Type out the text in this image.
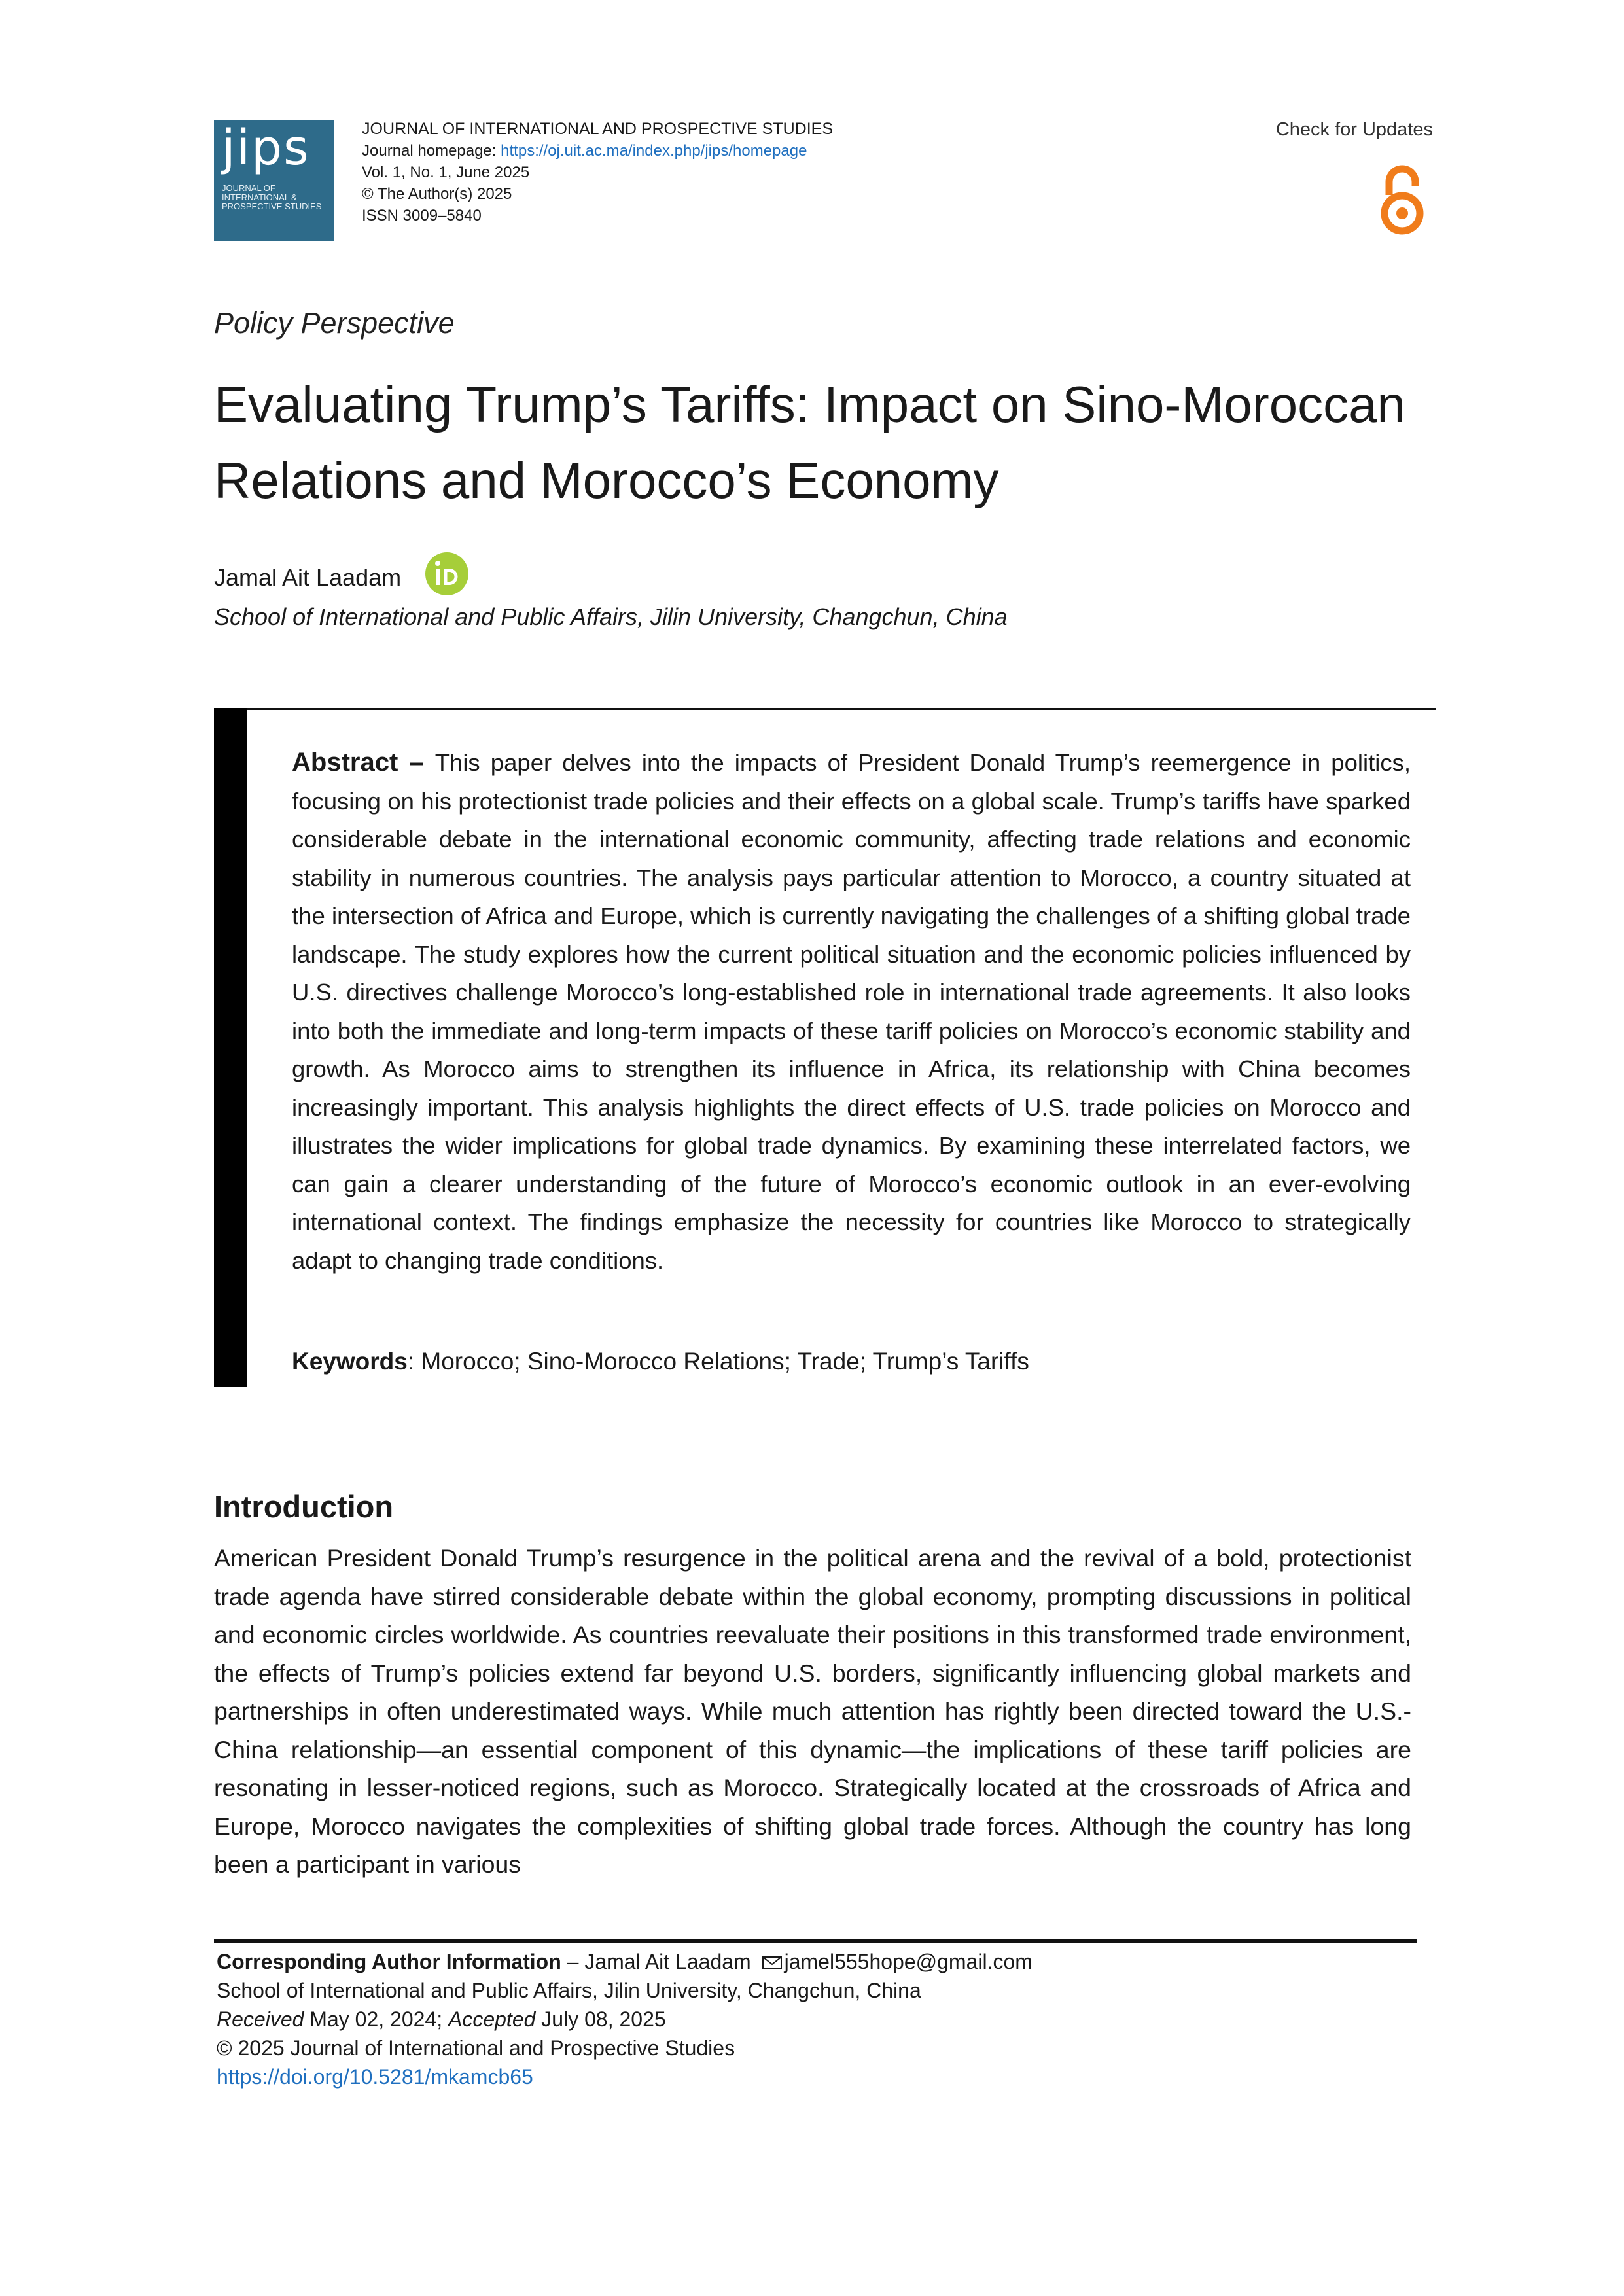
jips
JOURNAL OF INTERNATIONAL & PROSPECTIVE STUDIES
JOURNAL OF INTERNATIONAL AND PROSPECTIVE STUDIES
Journal homepage: https://oj.uit.ac.ma/index.php/jips/homepage
Vol. 1, No. 1, June 2025
© The Author(s) 2025
ISSN 3009–5840
Check for Updates
Policy Perspective
Evaluating Trump’s Tariffs: Impact on Sino-Moroccan Relations and Morocco’s Economy
Jamal Ait Laadam
School of International and Public Affairs, Jilin University, Changchun, China
Abstract – This paper delves into the impacts of President Donald Trump’s reemergence in politics, focusing on his protectionist trade policies and their effects on a global scale. Trump’s tariffs have sparked considerable debate in the international economic community, affecting trade relations and economic stability in numerous countries. The analysis pays particular attention to Morocco, a country situated at the intersection of Africa and Europe, which is currently navigating the challenges of a shifting global trade landscape. The study explores how the current political situation and the economic policies influenced by U.S. directives challenge Morocco’s long-established role in international trade agreements. It also looks into both the immediate and long-term impacts of these tariff policies on Morocco’s economic stability and growth. As Morocco aims to strengthen its influence in Africa, its relationship with China becomes increasingly important. This analysis highlights the direct effects of U.S. trade policies on Morocco and illustrates the wider implications for global trade dynamics. By examining these interrelated factors, we can gain a clearer understanding of the future of Morocco’s economic outlook in an ever-evolving international context. The findings emphasize the necessity for countries like Morocco to strategically adapt to changing trade conditions.
Keywords: Morocco; Sino-Morocco Relations; Trade; Trump’s Tariffs
Introduction
American President Donald Trump’s resurgence in the political arena and the revival of a bold, protectionist trade agenda have stirred considerable debate within the global economy, prompting discussions in political and economic circles worldwide. As countries reevaluate their positions in this transformed trade environment, the effects of Trump’s policies extend far beyond U.S. borders, significantly influencing global markets and partnerships in often underestimated ways. While much attention has rightly been directed toward the U.S.-China relationship—an essential component of this dynamic—the implications of these tariff policies are resonating in lesser-noticed regions, such as Morocco. Strategically located at the crossroads of Africa and Europe, Morocco navigates the complexities of shifting global trade forces. Although the country has long been a participant in various
Corresponding Author Information – Jamal Ait Laadam jamel555hope@gmail.com
School of International and Public Affairs, Jilin University, Changchun, China
Received May 02, 2024; Accepted July 08, 2025
© 2025 Journal of International and Prospective Studies
https://doi.org/10.5281/mkamcb65
